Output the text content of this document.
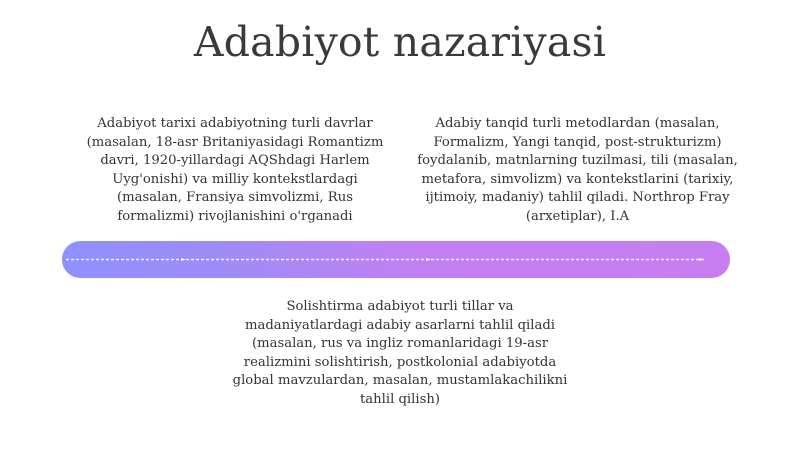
Adabiyot nazariyasi
Adabiyot tarixi adabiyotning turli davrlar (masalan, 18-asr Britaniyasidagi Romantizm davri, 1920-yillardagi AQShdagi Harlem Uyg'onishi) va milliy kontekstlardagi (masalan, Fransiya simvolizmi, Rus formalizmi) rivojlanishini o'rganadi
Adabiy tanqid turli metodlardan (masalan, Formalizm, Yangi tanqid, post-strukturizm) foydalanib, matnlarning tuzilmasi, tili (masalan, metafora, simvolizm) va kontekstlarini (tarixiy, ijtimoiy, madaniy) tahlil qiladi. Northrop Fray (arxetiplar), I.A
Solishtirma adabiyot turli tillar va madaniyatlardagi adabiy asarlarni tahlil qiladi (masalan, rus va ingliz romanlaridagi 19-asr realizmini solishtirish, postkolonial adabiyotda global mavzulardan, masalan, mustamlakachilikni tahlil qilish)
